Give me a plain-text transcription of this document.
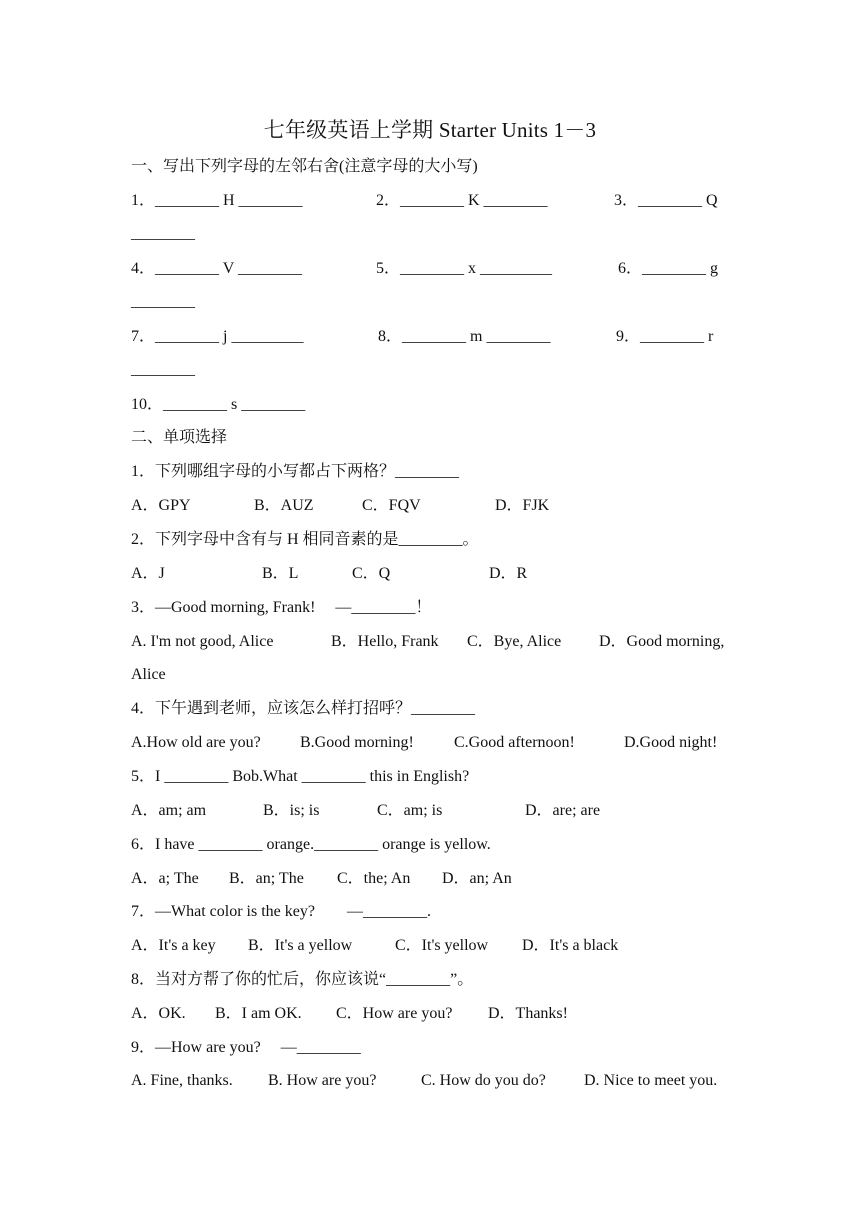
七年级英语上学期 Starter Units 1－3
一、写出下列字母的左邻右舍(注意字母的大小写)
1．________ H ________	2．________ K ________	3．________ Q
________
4．________ V ________	5．________ x _________	6．________ g
________
7．________ j _________	8．________ m ________	9．________ r
________
10．________ s ________
二、单项选择
1．下列哪组字母的小写都占下两格？________
A．GPY	B．AUZ	C．FQV	D．FJK
2．下列字母中含有与 H 相同音素的是________。
A．J	B．L	C．Q	D．R
3．—Good morning, Frank!　 —________！
A. I'm not good, Alice	B．Hello, Frank C．Bye, Alice D．Good morning,
Alice
4．下午遇到老师，应该怎么样打招呼？________
A.How old are you? B.Good morning!	C.Good afternoon!	D.Good night!
5．I ________ Bob.What ________ this in English?
A．am; am	B．is; is	C．am; is	D．are; are
6．I have ________ orange.________ orange is yellow.
A．a; The B．an; The C．the; An D．an; An
7．—What color is the key?　　—________.
A．It's a key B．It's a yellow	C．It's yellow D．It's a black
8．当对方帮了你的忙后，你应该说“________”。
A．OK. B．I am OK. C．How are you? D．Thanks!
9．—How are you?　 —________
A. Fine, thanks. B. How are you?	C. How do you do? D. Nice to meet you.
